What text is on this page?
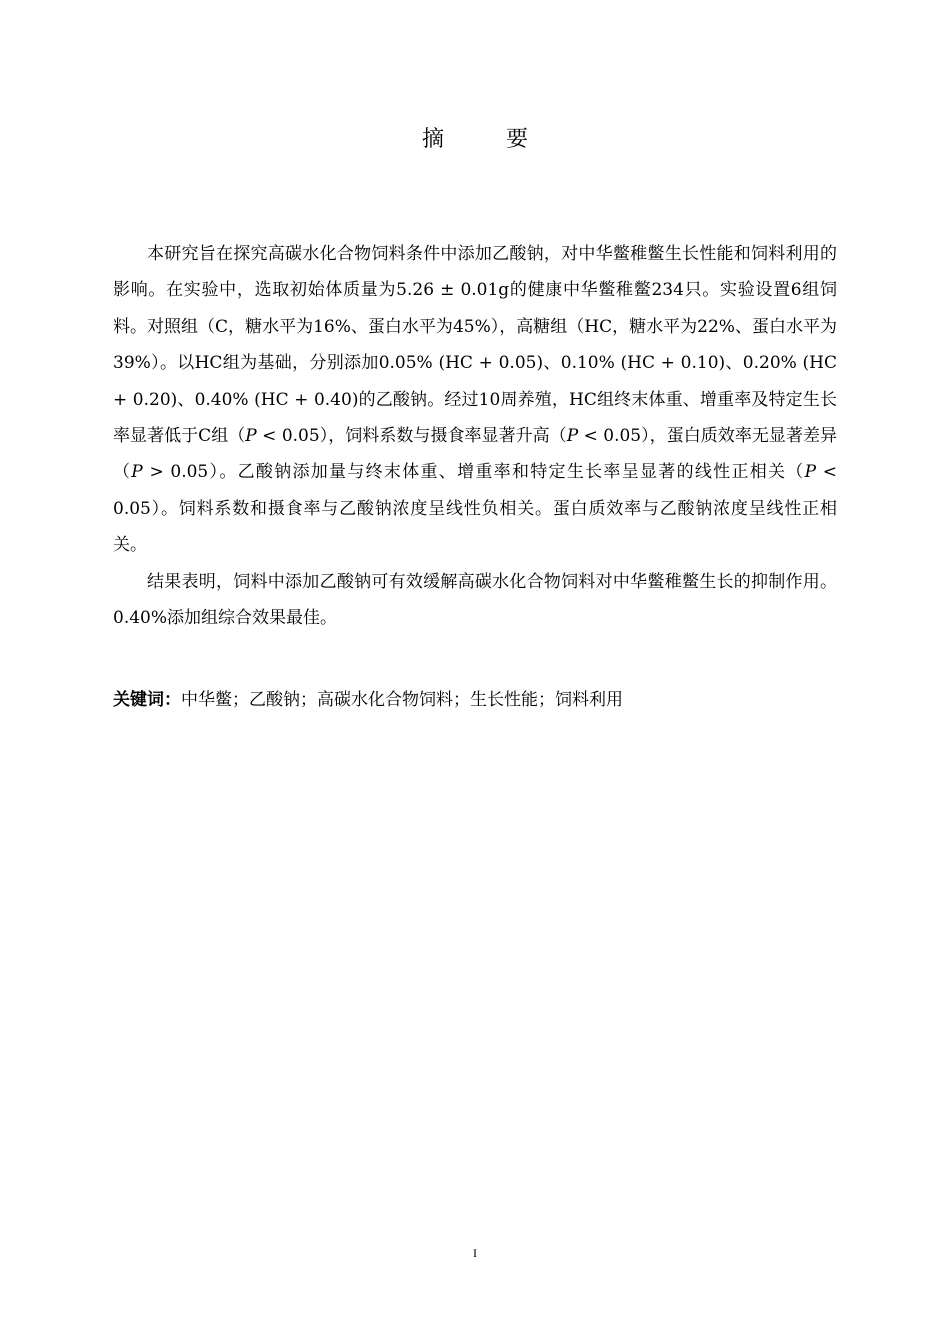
摘　要

本研究旨在探究高碳水化合物饲料条件中添加乙酸钠，对中华鳖稚鳖生长性能和饲料利用的影响。在实验中，选取初始体质量为5.26 ± 0.01g的健康中华鳖稚鳖234只。实验设置6组饲料。对照组（C，糖水平为16%、蛋白水平为45%），高糖组（HC，糖水平为22%、蛋白水平为39%）。以HC组为基础，分别添加0.05% (HC + 0.05)、0.10% (HC + 0.10)、0.20% (HC + 0.20)、0.40% (HC + 0.40)的乙酸钠。经过10周养殖，HC组终末体重、增重率及特定生长率显著低于C组（P < 0.05），饲料系数与摄食率显著升高（P < 0.05），蛋白质效率无显著差异（P > 0.05）。乙酸钠添加量与终末体重、增重率和特定生长率呈显著的线性正相关（P < 0.05）。饲料系数和摄食率与乙酸钠浓度呈线性负相关。蛋白质效率与乙酸钠浓度呈线性正相关。

结果表明，饲料中添加乙酸钠可有效缓解高碳水化合物饲料对中华鳖稚鳖生长的抑制作用。0.40%添加组综合效果最佳。

关键词：中华鳖；乙酸钠；高碳水化合物饲料；生长性能；饲料利用
I
